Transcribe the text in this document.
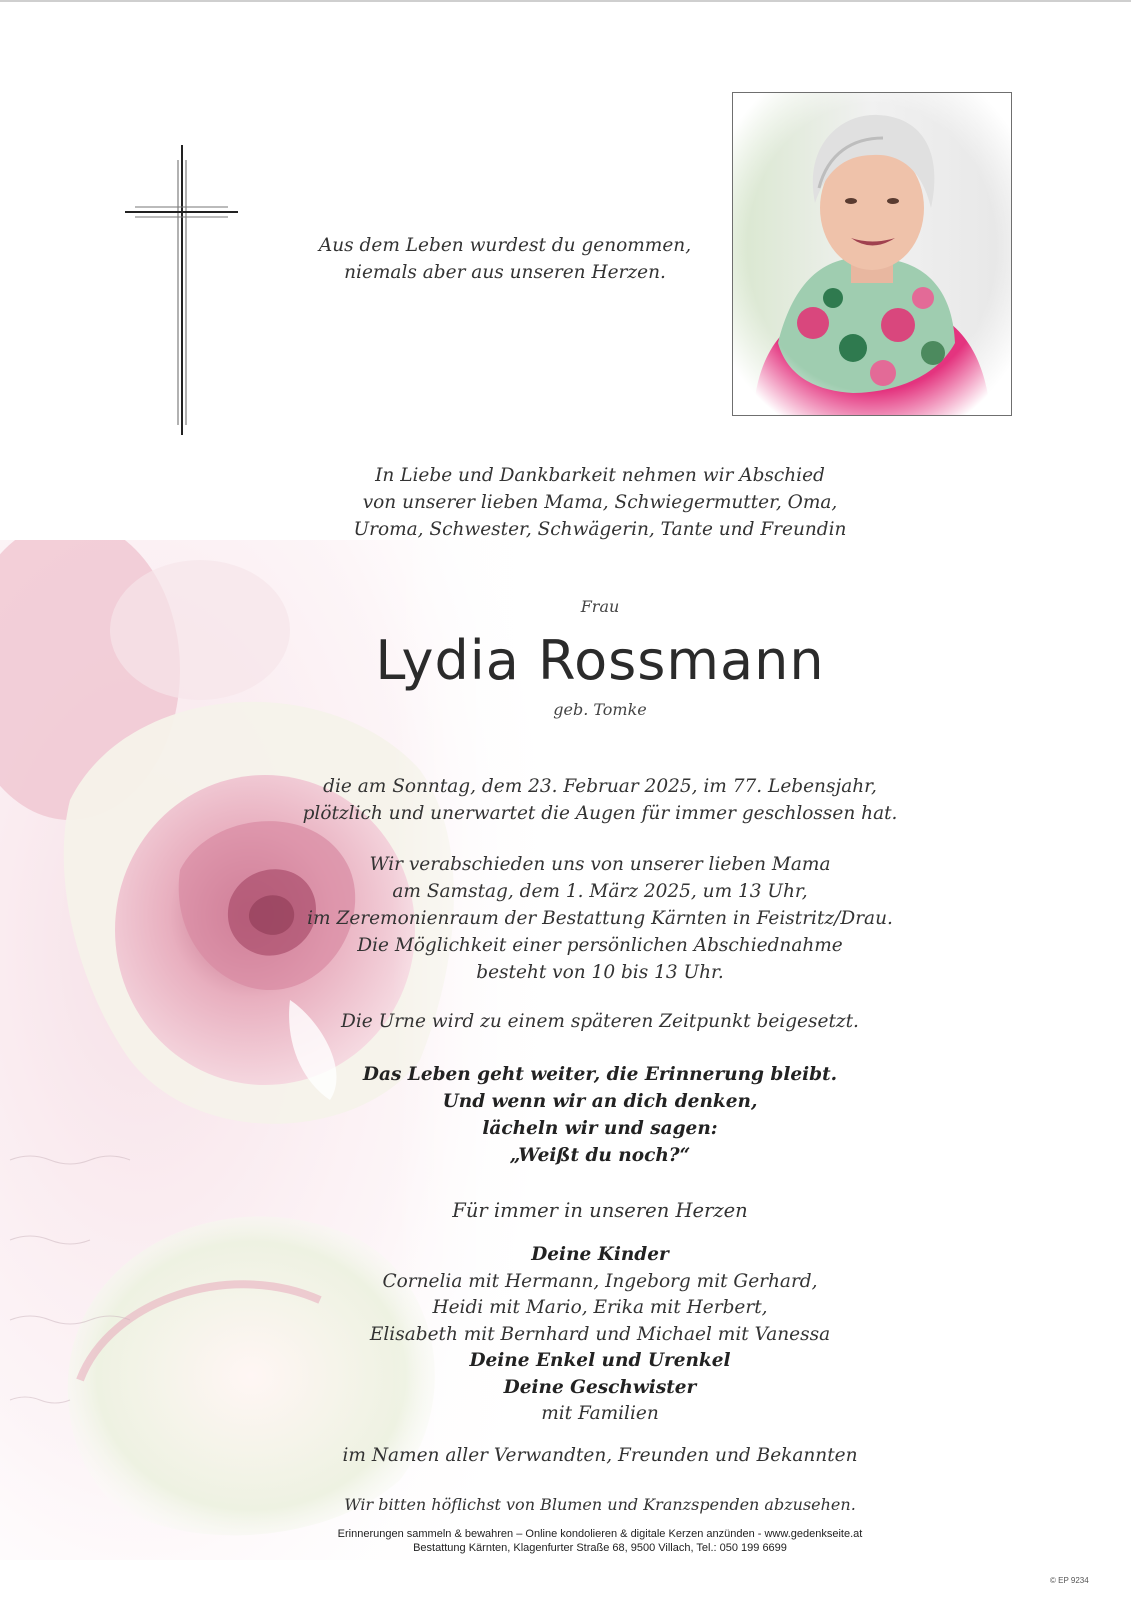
Aus dem Leben wurdest du genommen,
niemals aber aus unseren Herzen.

In Liebe und Dankbarkeit nehmen wir Abschied
von unserer lieben Mama, Schwiegermutter, Oma,
Uroma, Schwester, Schwägerin, Tante und Freundin

Frau

Lydia Rossmann

geb. Tomke

die am Sonntag, dem 23. Februar 2025, im 77. Lebensjahr,
plötzlich und unerwartet die Augen für immer geschlossen hat.

Wir verabschieden uns von unserer lieben Mama
am Samstag, dem 1. März 2025, um 13 Uhr,
im Zeremonienraum der Bestattung Kärnten in Feistritz/Drau.
Die Möglichkeit einer persönlichen Abschiednahme
besteht von 10 bis 13 Uhr.

Die Urne wird zu einem späteren Zeitpunkt beigesetzt.

Das Leben geht weiter, die Erinnerung bleibt.
Und wenn wir an dich denken,
lächeln wir und sagen:
„Weißt du noch?“

Für immer in unseren Herzen

Deine Kinder
Cornelia mit Hermann, Ingeborg mit Gerhard,
Heidi mit Mario, Erika mit Herbert,
Elisabeth mit Bernhard und Michael mit Vanessa
Deine Enkel und Urenkel
Deine Geschwister
mit Familien

im Namen aller Verwandten, Freunden und Bekannten

Wir bitten höflichst von Blumen und Kranzspenden abzusehen.

Erinnerungen sammeln & bewahren – Online kondolieren & digitale Kerzen anzünden - www.gedenkseite.at
Bestattung Kärnten, Klagenfurter Straße 68, 9500 Villach, Tel.: 050 199 6699

© EP 9234
